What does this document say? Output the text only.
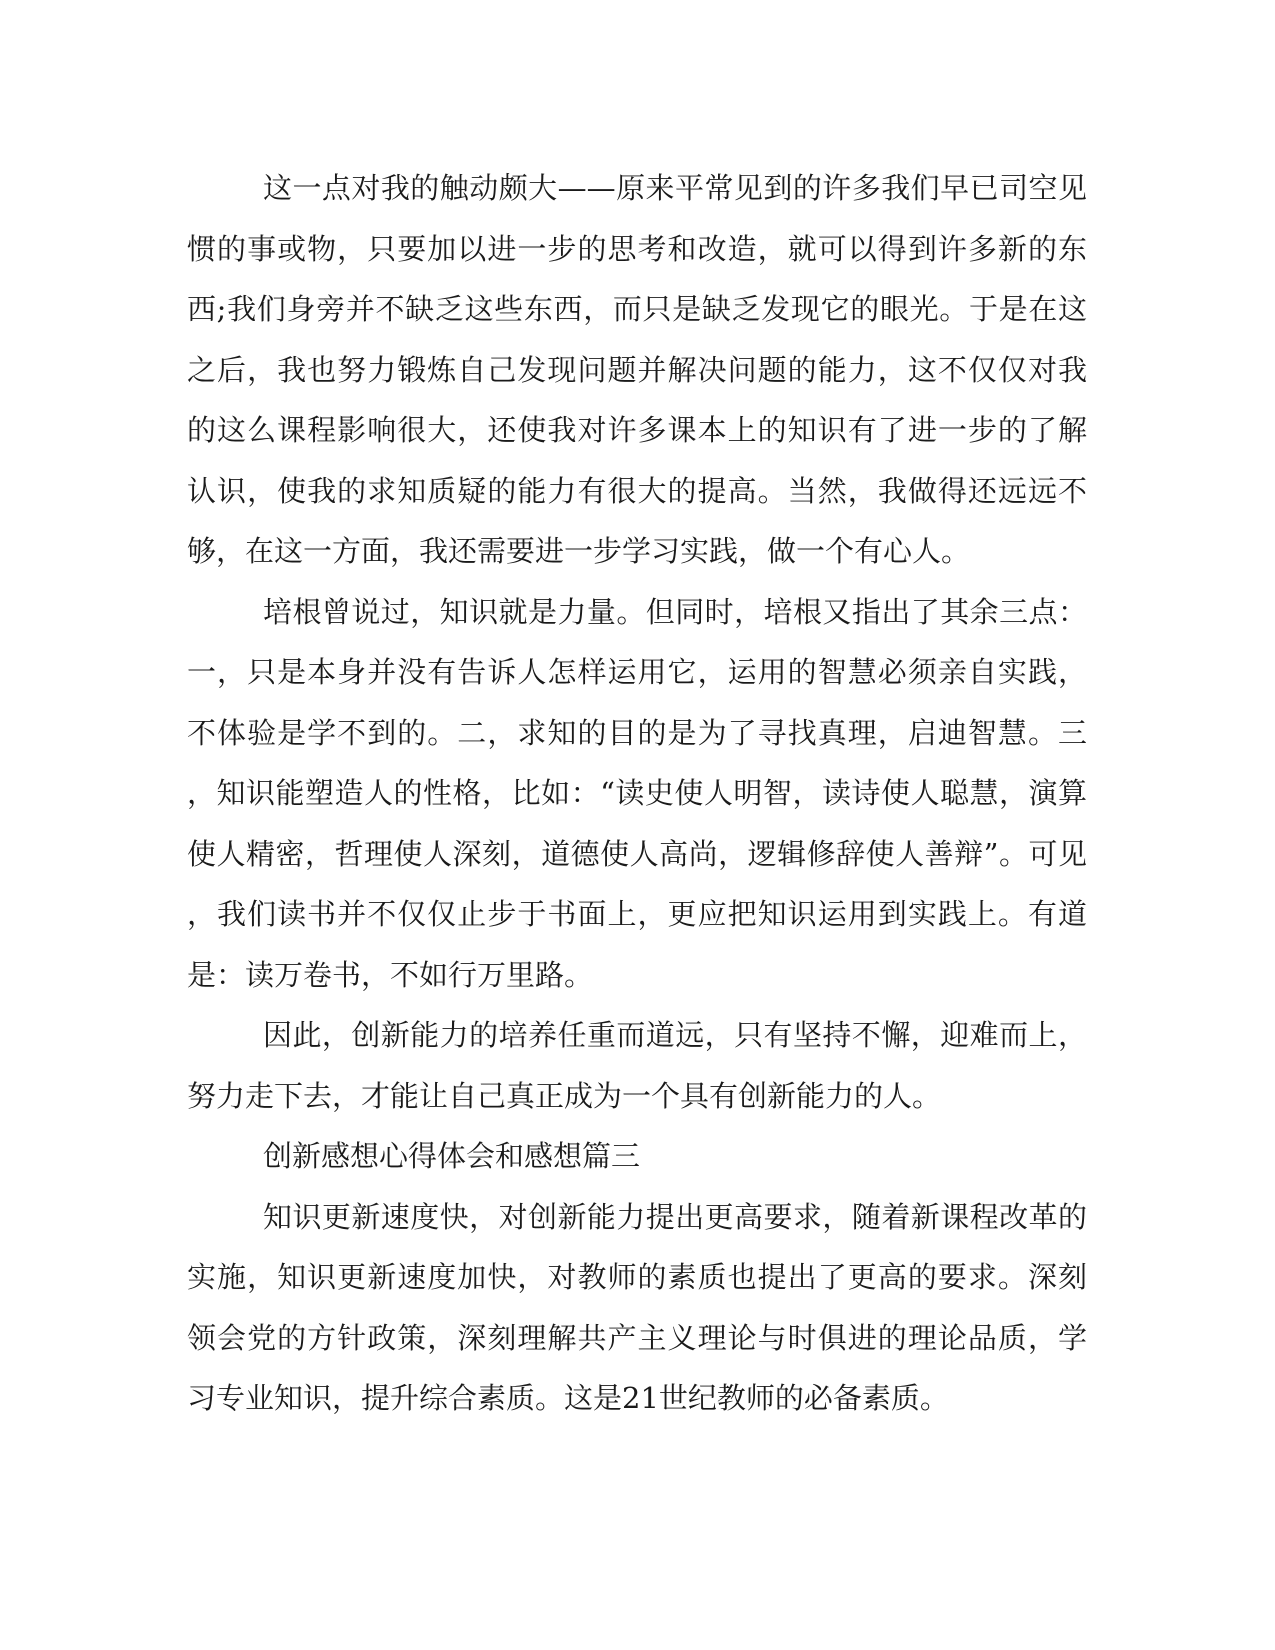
这一点对我的触动颇大——原来平常见到的许多我们早已司空见
惯的事或物，只要加以进一步的思考和改造，就可以得到许多新的东
西;我们身旁并不缺乏这些东西，而只是缺乏发现它的眼光。于是在这
之后，我也努力锻炼自己发现问题并解决问题的能力，这不仅仅对我
的这么课程影响很大，还使我对许多课本上的知识有了进一步的了解
认识，使我的求知质疑的能力有很大的提高。当然，我做得还远远不
够，在这一方面，我还需要进一步学习实践，做一个有心人。
培根曾说过，知识就是力量。但同时，培根又指出了其余三点：
一，只是本身并没有告诉人怎样运用它，运用的智慧必须亲自实践，
不体验是学不到的。二，求知的目的是为了寻找真理，启迪智慧。三
，知识能塑造人的性格，比如：“读史使人明智，读诗使人聪慧，演算
使人精密，哲理使人深刻，道德使人高尚，逻辑修辞使人善辩”。可见
，我们读书并不仅仅止步于书面上，更应把知识运用到实践上。有道
是：读万卷书，不如行万里路。
因此，创新能力的培养任重而道远，只有坚持不懈，迎难而上，
努力走下去，才能让自己真正成为一个具有创新能力的人。
创新感想心得体会和感想篇三
知识更新速度快，对创新能力提出更高要求，随着新课程改革的
实施，知识更新速度加快，对教师的素质也提出了更高的要求。深刻
领会党的方针政策，深刻理解共产主义理论与时俱进的理论品质，学
习专业知识，提升综合素质。这是21世纪教师的必备素质。
